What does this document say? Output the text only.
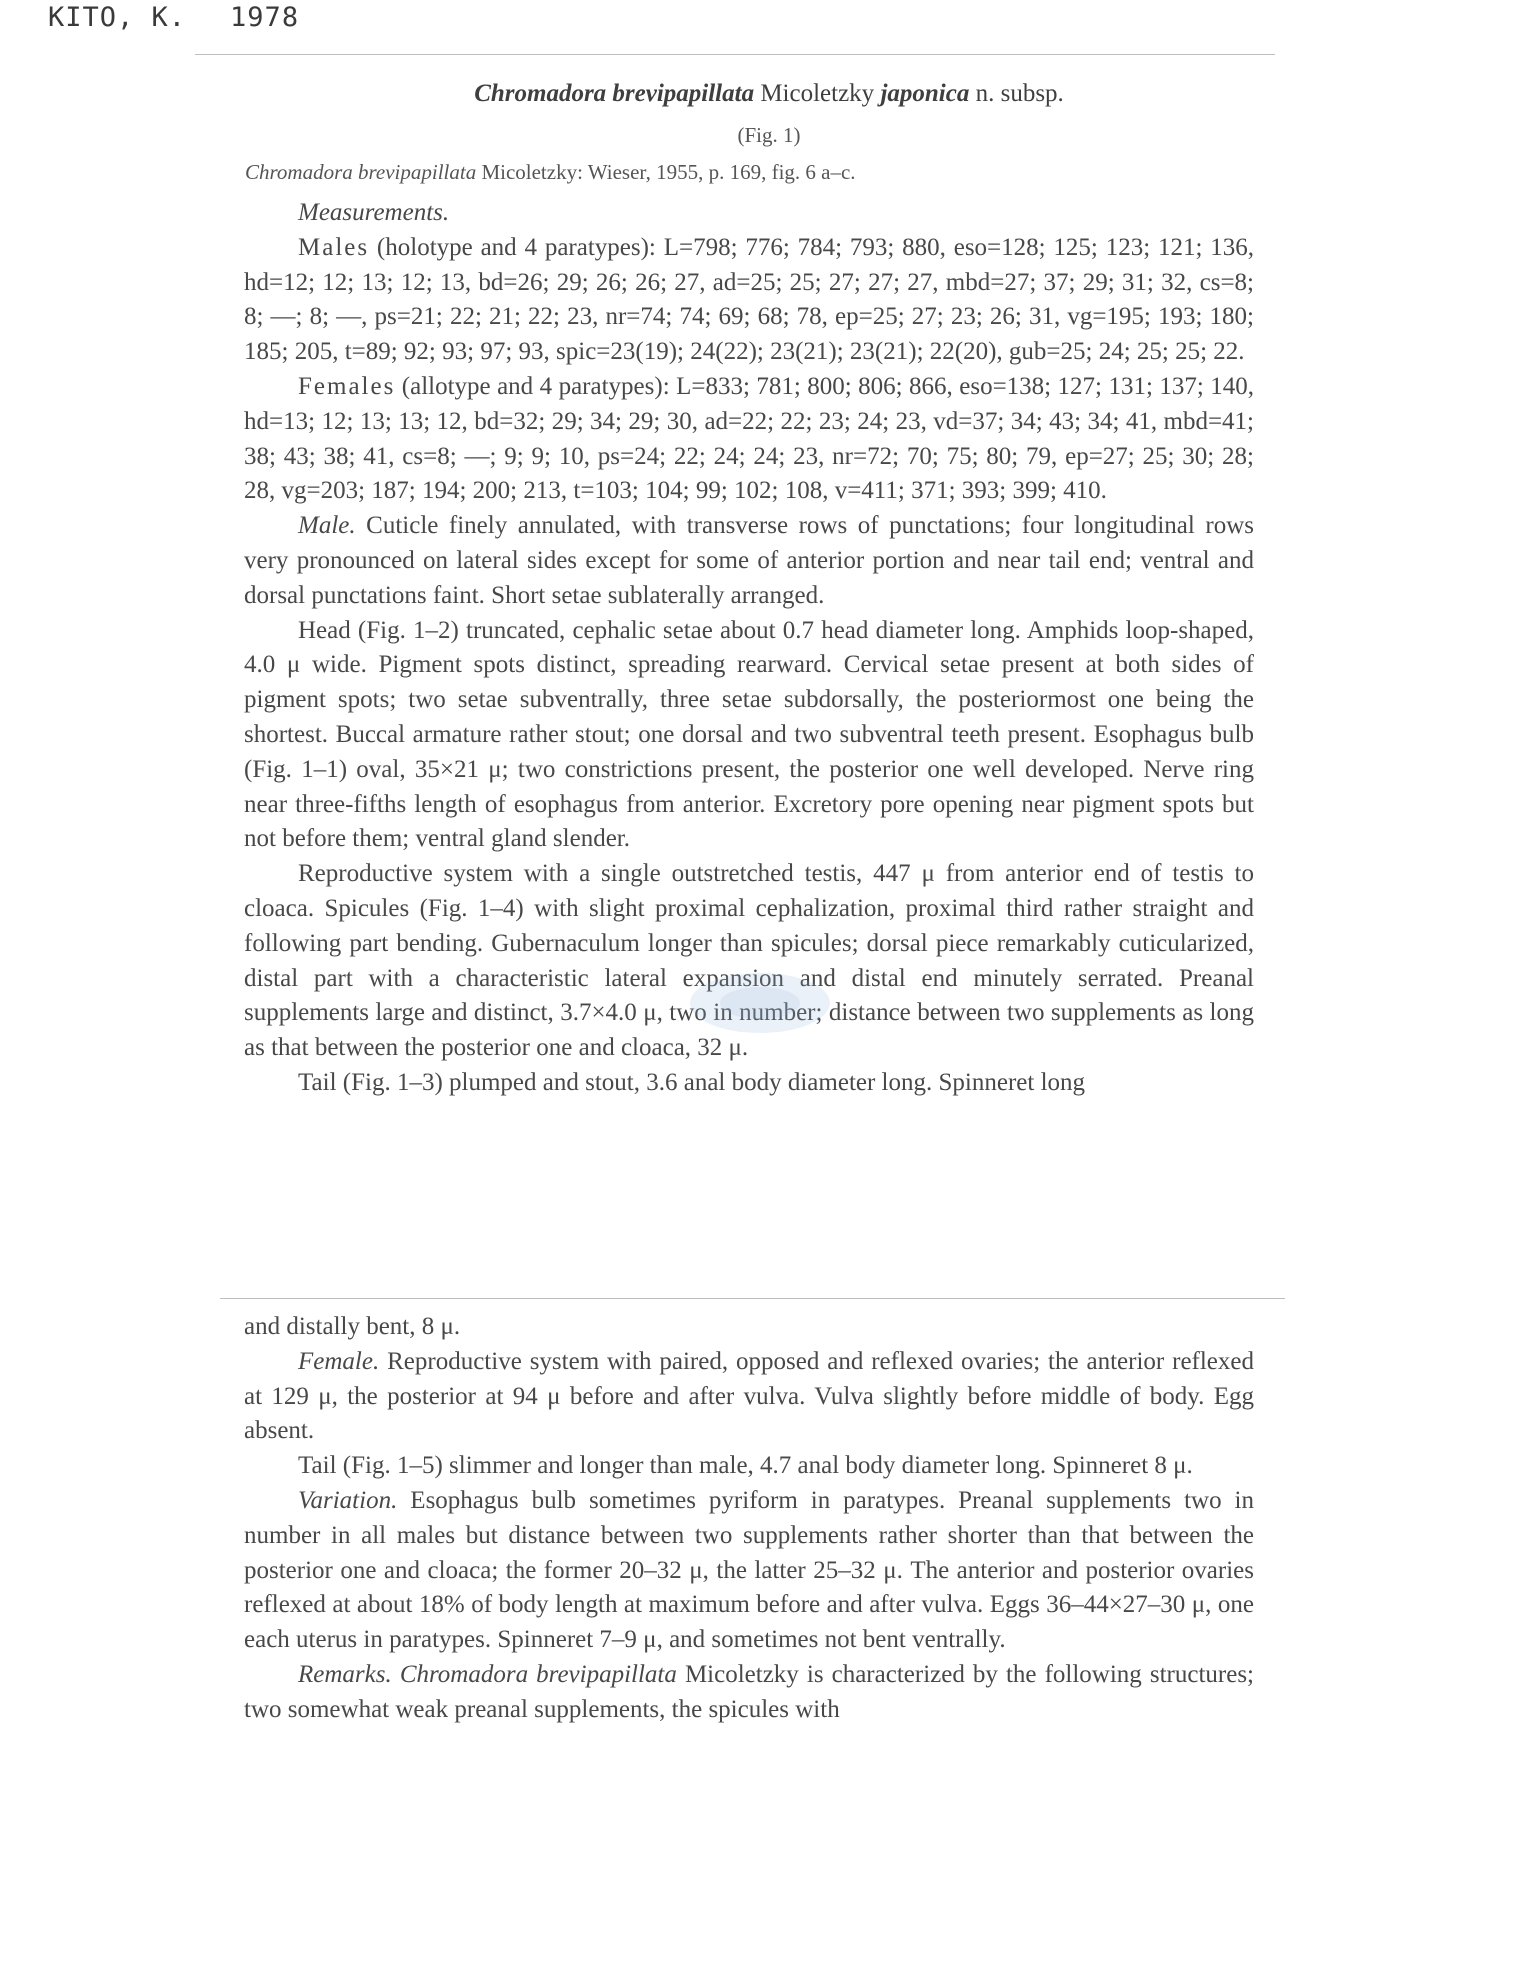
KITO, K. 1978
Chromadora brevipapillata Micoletzky japonica n. subsp.
(Fig. 1)
Chromadora brevipapillata Micoletzky: Wieser, 1955, p. 169, fig. 6 a–c.

Measurements.

Males (holotype and 4 paratypes): L=798; 776; 784; 793; 880, eso=128; 125; 123; 121; 136, hd=12; 12; 13; 12; 13, bd=26; 29; 26; 26; 27, ad=25; 25; 27; 27; 27, mbd=27; 37; 29; 31; 32, cs=8; 8; —; 8; —, ps=21; 22; 21; 22; 23, nr=74; 74; 69; 68; 78, ep=25; 27; 23; 26; 31, vg=195; 193; 180; 185; 205, t=89; 92; 93; 97; 93, spic=23(19); 24(22); 23(21); 23(21); 22(20), gub=25; 24; 25; 25; 22.

Females (allotype and 4 paratypes): L=833; 781; 800; 806; 866, eso=138; 127; 131; 137; 140, hd=13; 12; 13; 13; 12, bd=32; 29; 34; 29; 30, ad=22; 22; 23; 24; 23, vd=37; 34; 43; 34; 41, mbd=41; 38; 43; 38; 41, cs=8; —; 9; 9; 10, ps=24; 22; 24; 24; 23, nr=72; 70; 75; 80; 79, ep=27; 25; 30; 28; 28, vg=203; 187; 194; 200; 213, t=103; 104; 99; 102; 108, v=411; 371; 393; 399; 410.

Male. Cuticle finely annulated, with transverse rows of punctations; four longitudinal rows very pronounced on lateral sides except for some of anterior portion and near tail end; ventral and dorsal punctations faint. Short setae sublaterally arranged.

Head (Fig. 1–2) truncated, cephalic setae about 0.7 head diameter long. Amphids loop-shaped, 4.0 μ wide. Pigment spots distinct, spreading rearward. Cervical setae present at both sides of pigment spots; two setae subventrally, three setae subdorsally, the posteriormost one being the shortest. Buccal armature rather stout; one dorsal and two subventral teeth present. Esophagus bulb (Fig. 1–1) oval, 35×21 μ; two constrictions present, the posterior one well developed. Nerve ring near three-fifths length of esophagus from anterior. Excretory pore opening near pigment spots but not before them; ventral gland slender.

Reproductive system with a single outstretched testis, 447 μ from anterior end of testis to cloaca. Spicules (Fig. 1–4) with slight proximal cephalization, proximal third rather straight and following part bending. Gubernaculum longer than spicules; dorsal piece remarkably cuticularized, distal part with a characteristic lateral expansion and distal end minutely serrated. Preanal supplements large and distinct, 3.7×4.0 μ, two in number; distance between two supplements as long as that between the posterior one and cloaca, 32 μ.

Tail (Fig. 1–3) plumped and stout, 3.6 anal body diameter long. Spinneret long

and distally bent, 8 μ.

Female. Reproductive system with paired, opposed and reflexed ovaries; the anterior reflexed at 129 μ, the posterior at 94 μ before and after vulva. Vulva slightly before middle of body. Egg absent.

Tail (Fig. 1–5) slimmer and longer than male, 4.7 anal body diameter long. Spinneret 8 μ.

Variation. Esophagus bulb sometimes pyriform in paratypes. Preanal supplements two in number in all males but distance between two supplements rather shorter than that between the posterior one and cloaca; the former 20–32 μ, the latter 25–32 μ. The anterior and posterior ovaries reflexed at about 18% of body length at maximum before and after vulva. Eggs 36–44×27–30 μ, one each uterus in paratypes. Spinneret 7–9 μ, and sometimes not bent ventrally.

Remarks. Chromadora brevipapillata Micoletzky is characterized by the following structures; two somewhat weak preanal supplements, the spicules with
